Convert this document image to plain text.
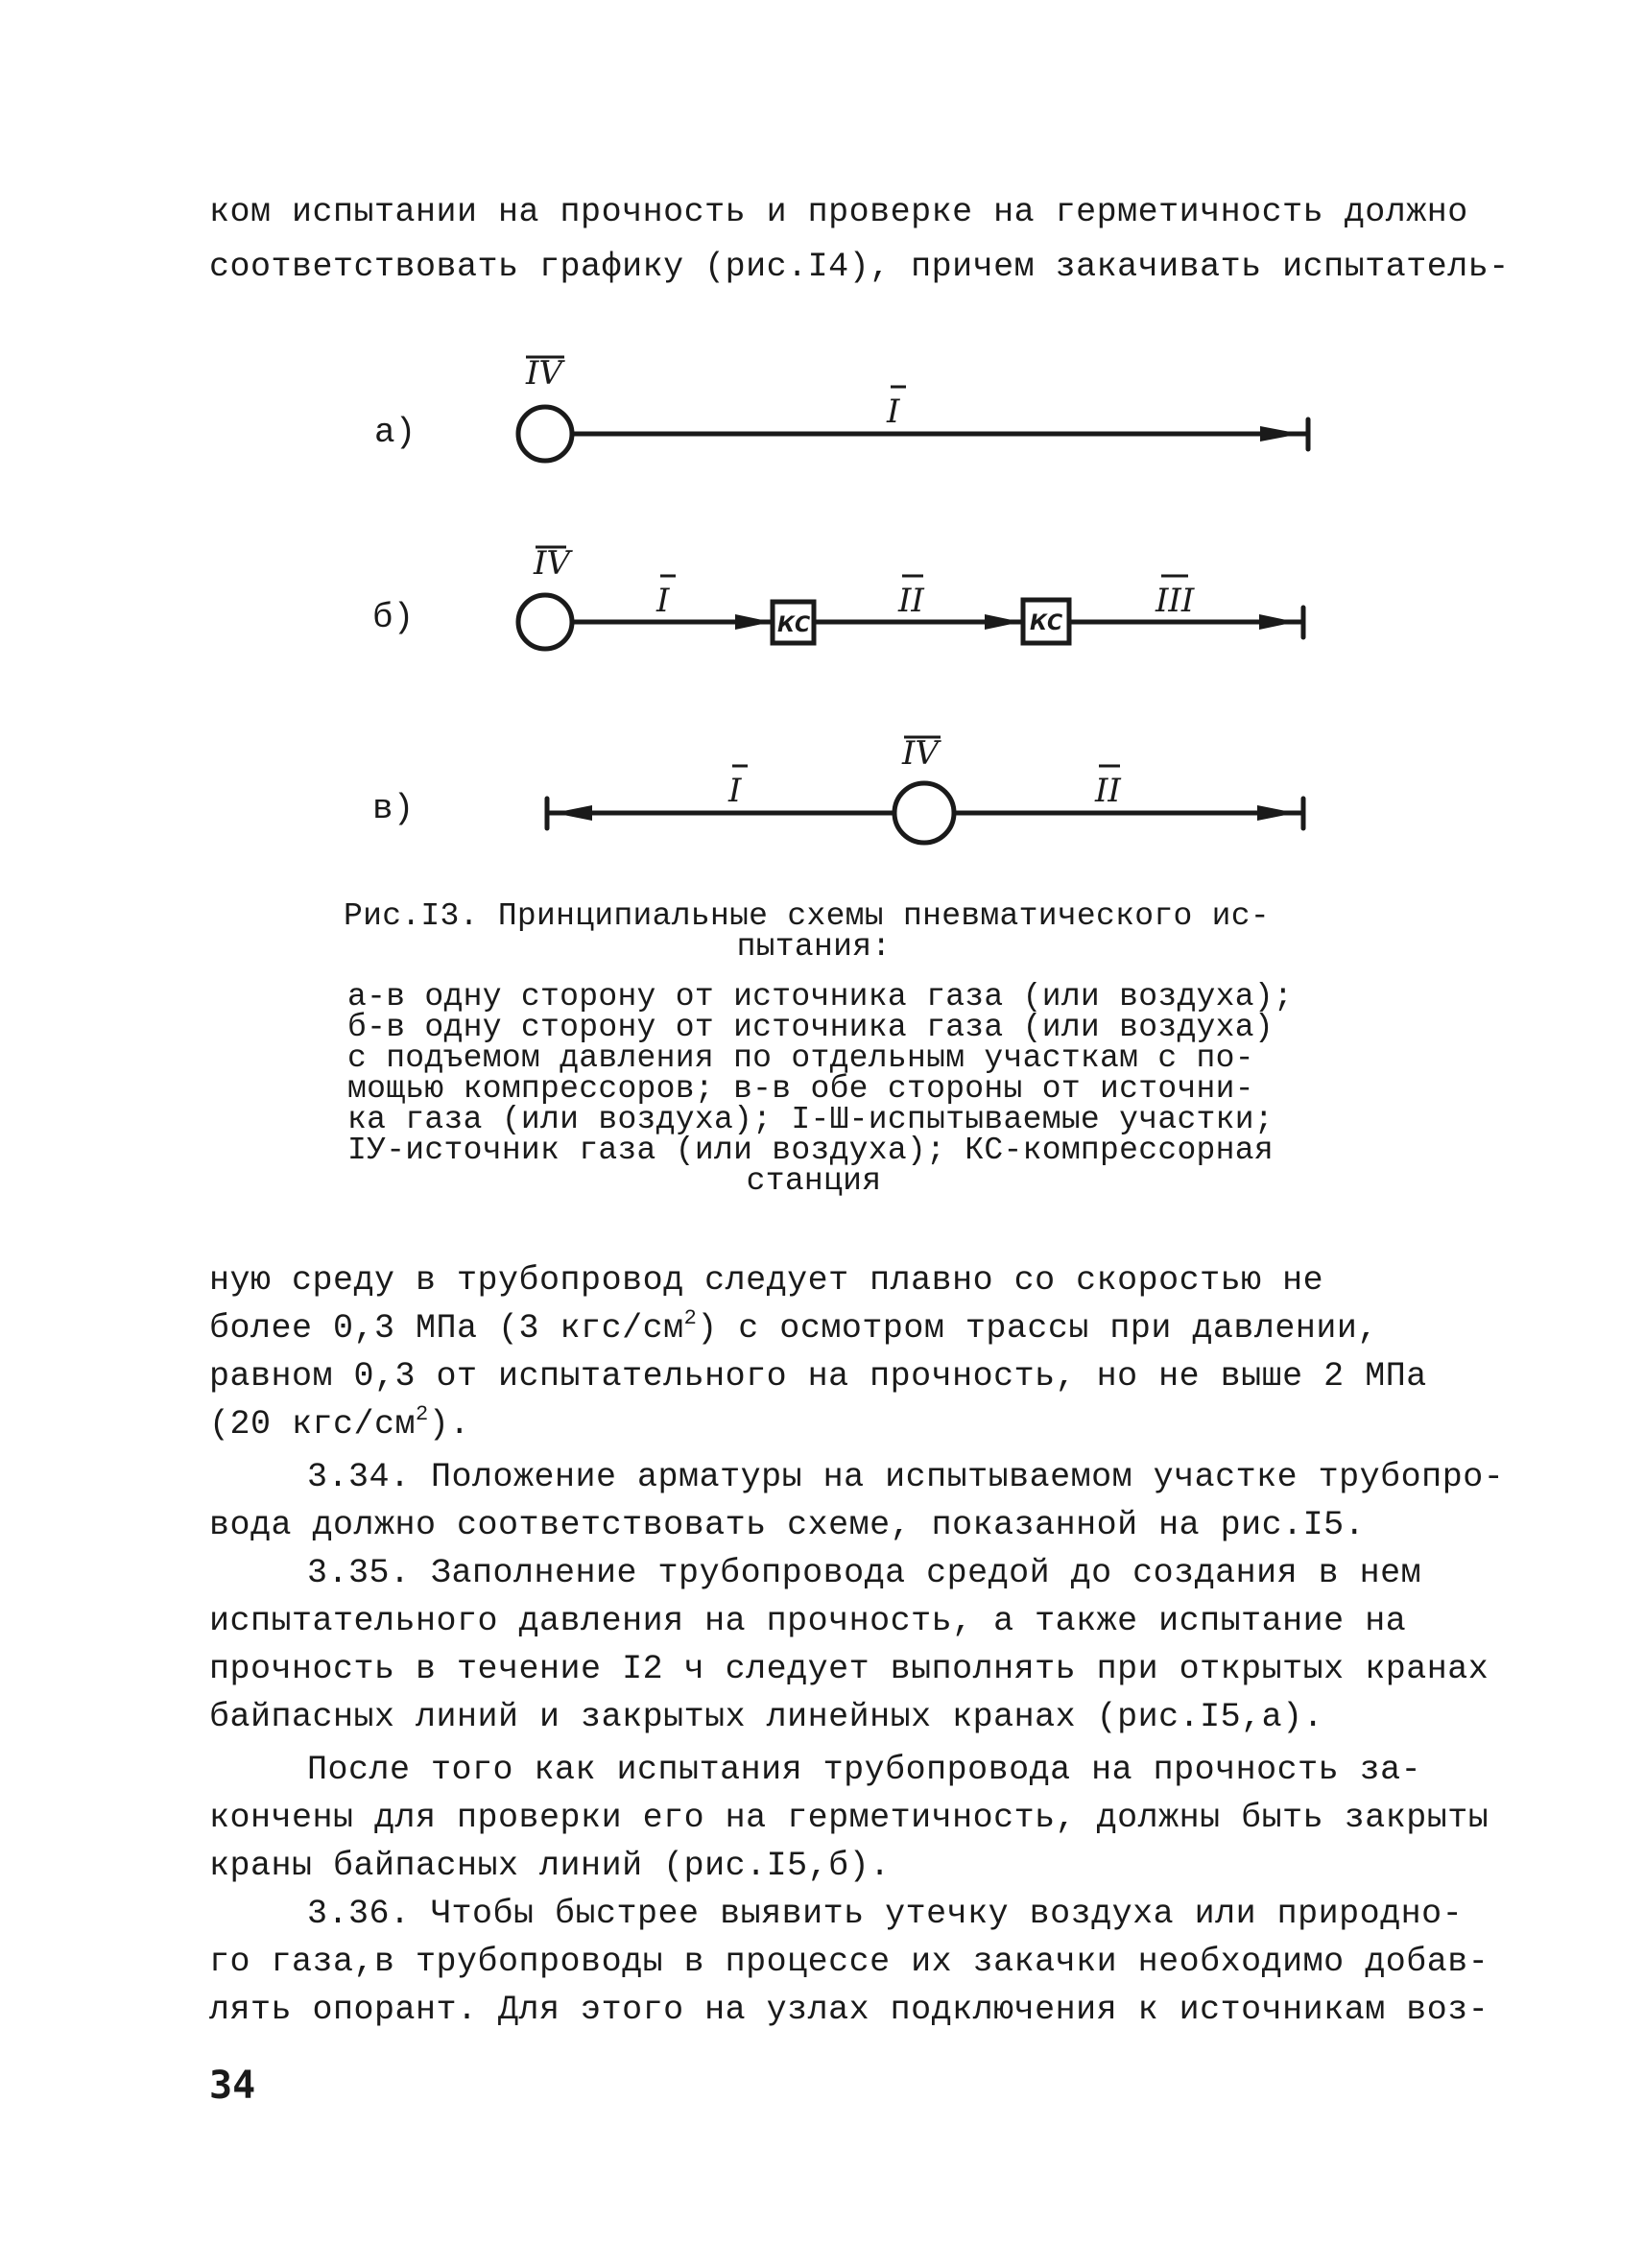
ком испытании на прочность и проверке на герметичность должно
соответствовать графику (рис.I4), причем закачивать испытатель-
а)
б)
в)
IV
IV
IV
I
I	II	III
I	II
КС	КС
Рис.I3. Принципиальные схемы пневматического ис-
пытания:
а-в одну сторону от источника газа (или воздуха);
б-в одну сторону от источника газа (или воздуха)
с подъемом давления по отдельным участкам с по-
мощью компрессоров; в-в обе стороны от источни-
ка газа (или воздуха); I-Ш-испытываемые участки;
IУ-источник газа (или воздуха); КС-компрессорная
станция
ную среду в трубопровод следует плавно со скоростью не
более 0,3 МПа (3 кгс/$см^2$) с осмотром трассы при давлении,
равном 0,3 от испытательного на прочность, но не выше 2 МПа
(20 кгс/$см^2$).
3.34. Положение арматуры на испытываемом участке трубопро-
вода должно соответствовать схеме, показанной на рис.I5.
3.35. Заполнение трубопровода средой до создания в нем
испытательного давления на прочность, а также испытание на
прочность в течение I2 ч следует выполнять при открытых кранах
байпасных линий и закрытых линейных кранах (рис.I5,а).
После того как испытания трубопровода на прочность за-
кончены для проверки его на герметичность, должны быть закрыты
краны байпасных линий (рис.I5,б).
3.36. Чтобы быстрее выявить утечку воздуха или природно-
го газа,в трубопроводы в процессе их закачки необходимо добав-
лять опорант. Для этого на узлах подключения к источникам воз-
34
